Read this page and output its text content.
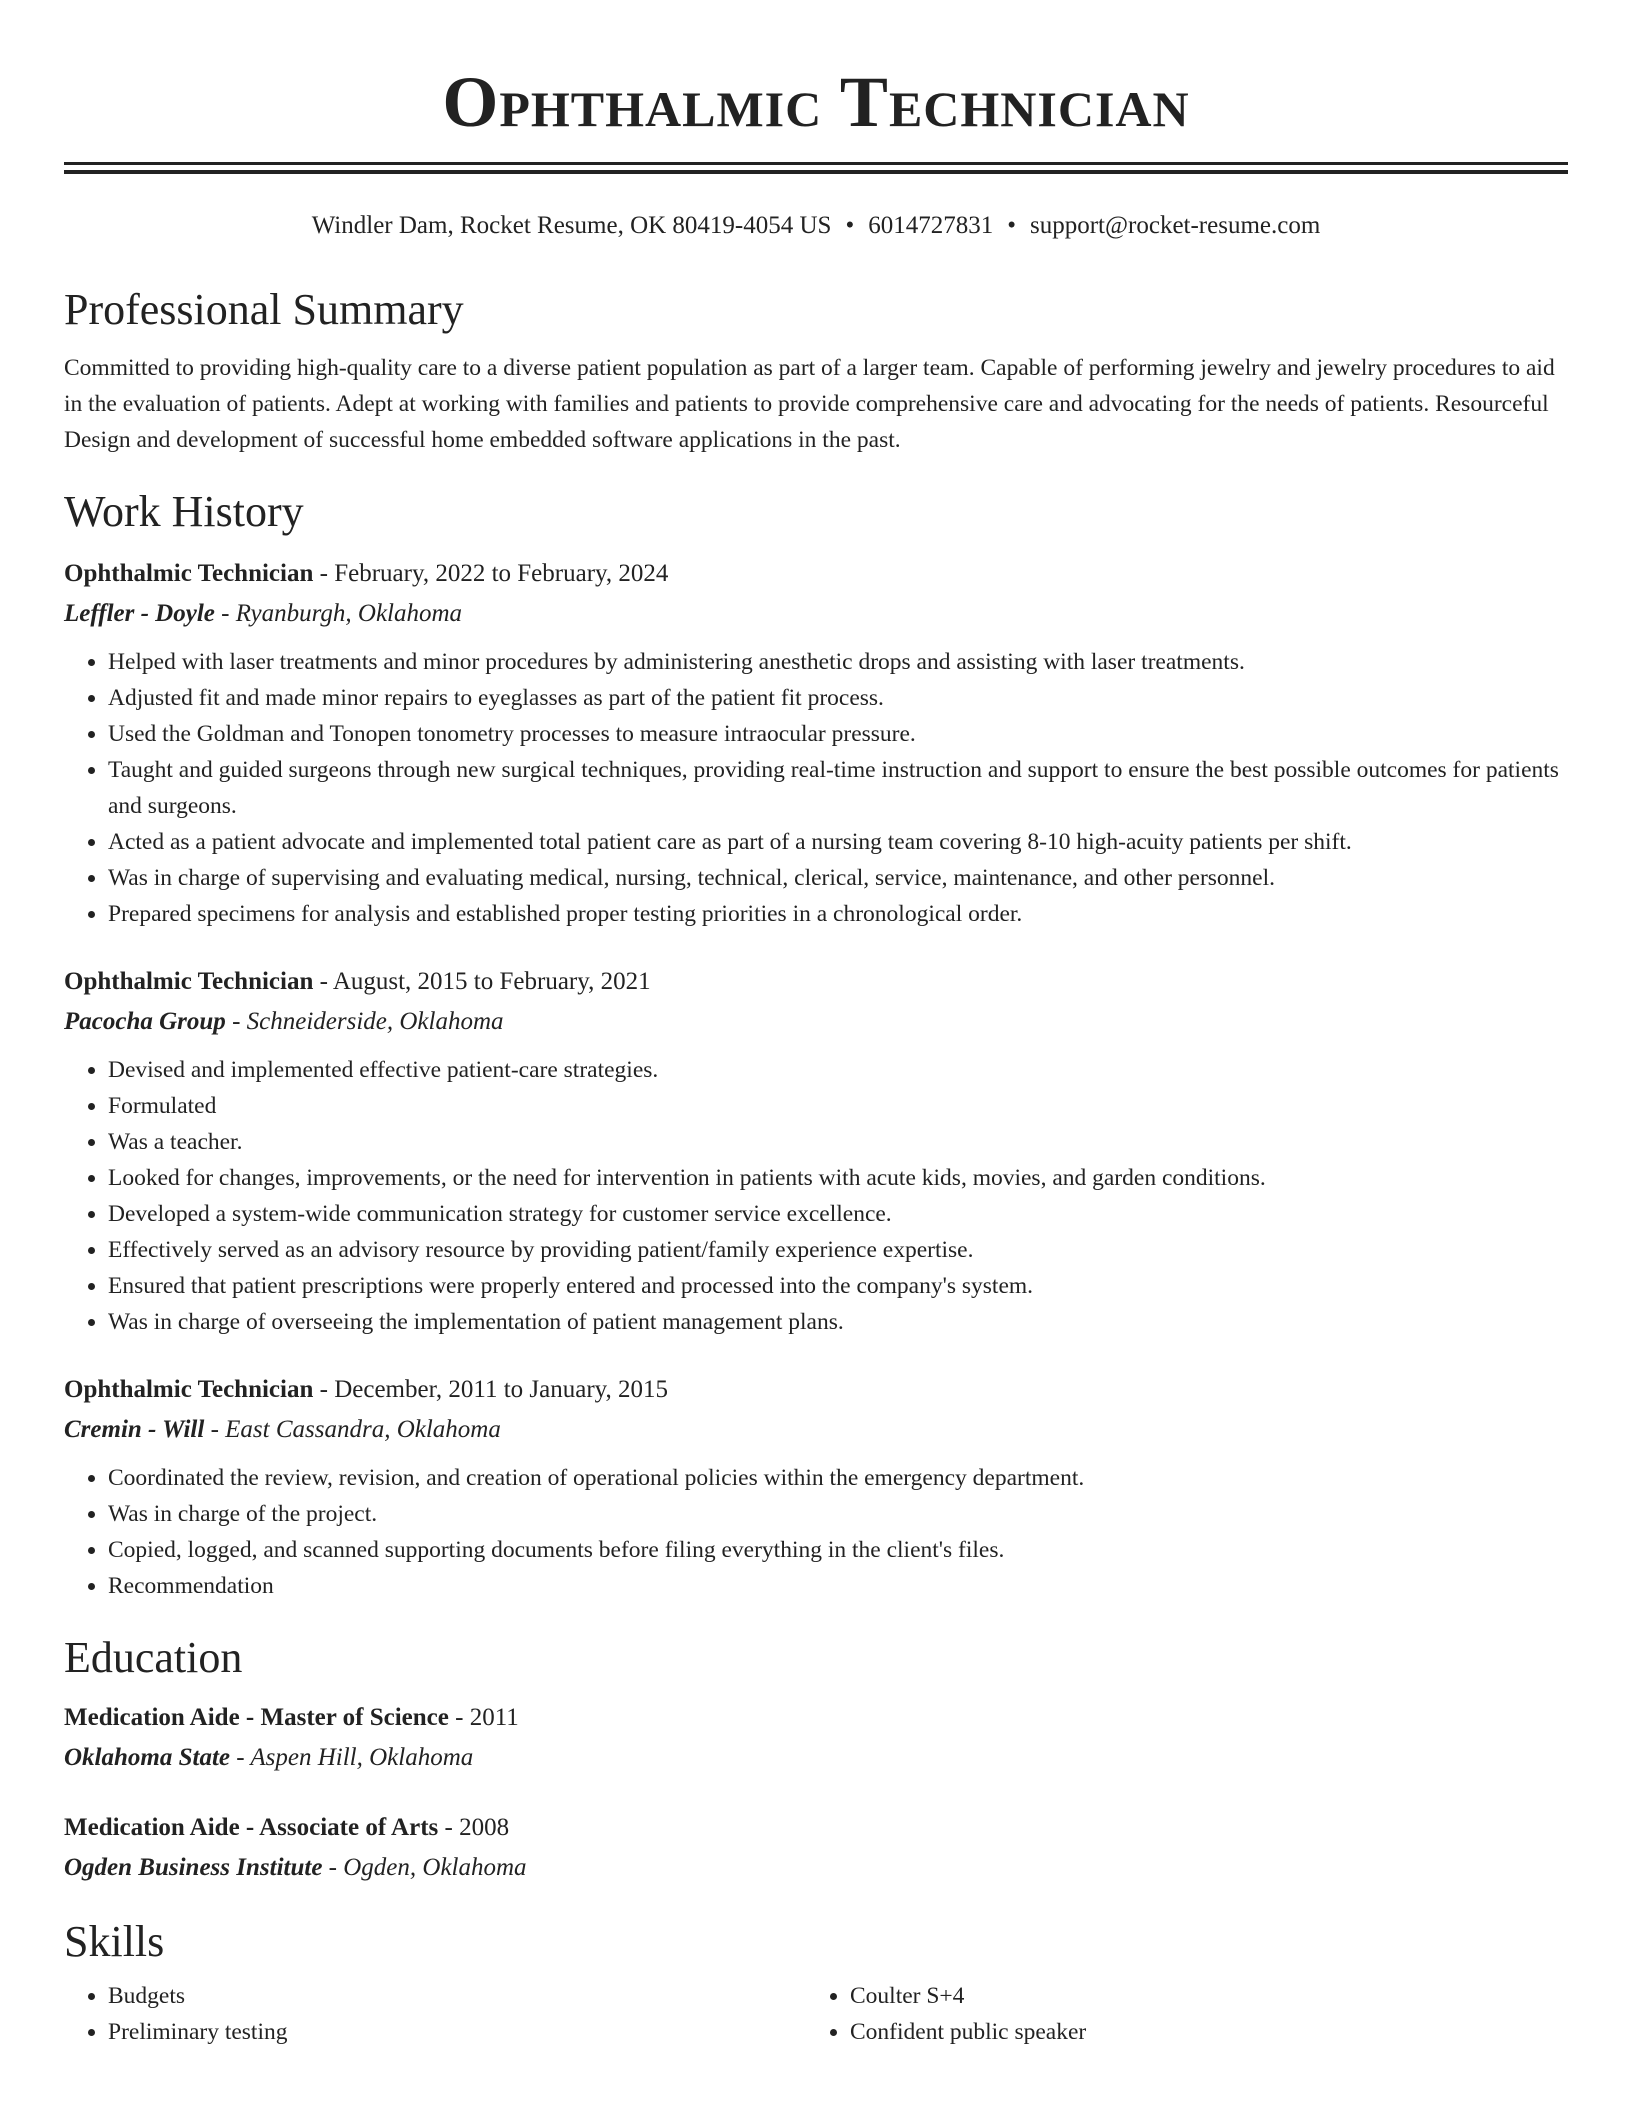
Ophthalmic Technician
Windler Dam, Rocket Resume, OK 80419-4054 US • 6014727831 • support@rocket-resume.com
Professional Summary
Committed to providing high-quality care to a diverse patient population as part of a larger team. Capable of performing jewelry and jewelry procedures to aid in the evaluation of patients. Adept at working with families and patients to provide comprehensive care and advocating for the needs of patients. Resourceful Design and development of successful home embedded software applications in the past.
Work History
Ophthalmic Technician - February, 2022 to February, 2024
Leffler - Doyle - Ryanburgh, Oklahoma
• Helped with laser treatments and minor procedures by administering anesthetic drops and assisting with laser treatments.
• Adjusted fit and made minor repairs to eyeglasses as part of the patient fit process.
• Used the Goldman and Tonopen tonometry processes to measure intraocular pressure.
• Taught and guided surgeons through new surgical techniques, providing real-time instruction and support to ensure the best possible outcomes for patients and surgeons.
• Acted as a patient advocate and implemented total patient care as part of a nursing team covering 8-10 high-acuity patients per shift.
• Was in charge of supervising and evaluating medical, nursing, technical, clerical, service, maintenance, and other personnel.
• Prepared specimens for analysis and established proper testing priorities in a chronological order.
Ophthalmic Technician - August, 2015 to February, 2021
Pacocha Group - Schneiderside, Oklahoma
• Devised and implemented effective patient-care strategies.
• Formulated
• Was a teacher.
• Looked for changes, improvements, or the need for intervention in patients with acute kids, movies, and garden conditions.
• Developed a system-wide communication strategy for customer service excellence.
• Effectively served as an advisory resource by providing patient/family experience expertise.
• Ensured that patient prescriptions were properly entered and processed into the company's system.
• Was in charge of overseeing the implementation of patient management plans.
Ophthalmic Technician - December, 2011 to January, 2015
Cremin - Will - East Cassandra, Oklahoma
• Coordinated the review, revision, and creation of operational policies within the emergency department.
• Was in charge of the project.
• Copied, logged, and scanned supporting documents before filing everything in the client's files.
• Recommendation
Education
Medication Aide - Master of Science - 2011
Oklahoma State - Aspen Hill, Oklahoma
Medication Aide - Associate of Arts - 2008
Ogden Business Institute - Ogden, Oklahoma
Skills
• Budgets
• Preliminary testing
• Coulter S+4
• Confident public speaker
